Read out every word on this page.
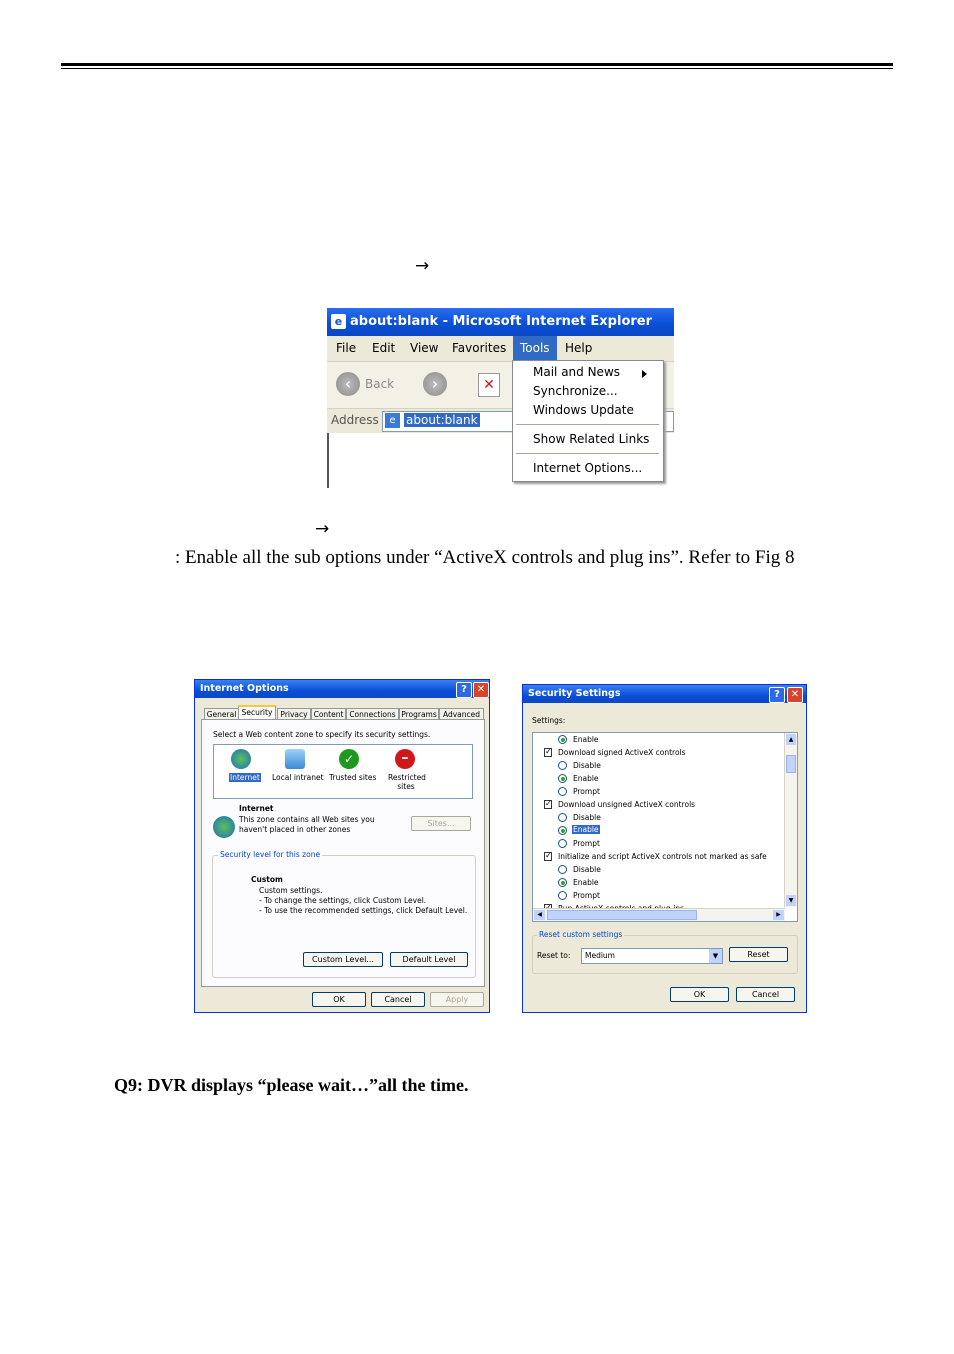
→
e about:blank - Microsoft Internet Explorer
File Edit View Favorites	Tools	Help
‹	Back	›	✕
Address	e about:blank
Mail and News
Synchronize...
Windows Update
Show Related Links
Internet Options...
→
: Enable all the sub options under “ActiveX controls and plug ins”. Refer to Fig 8
Internet Options	? ✕
General Security	Privacy Content Connections Programs Advanced
Select a Web content zone to specify its security settings.
Internet Local intranet
✓
Trusted sites
–
Restricted sites
Internet
This zone contains all Web sites you
haven't placed in other zones
Sites...
Security level for this zone
Custom
Custom settings.
- To change the settings, click Custom Level.
- To use the recommended settings, click Default Level.
Custom Level...	Default Level
OK	Cancel	Apply
Security Settings	?	✕
Settings:
Enable
✓
Download signed ActiveX controls
Disable
Enable
Prompt
✓
Download unsigned ActiveX controls
Disable
Enable
Prompt
✓
Initialize and script ActiveX controls not marked as safe
Disable
Enable
Prompt
✓
▲
▼
◀	▶
Reset custom settings
Reset to: Medium	▼	Reset
OK	Cancel
Q9: DVR displays “please wait…”all the time.
